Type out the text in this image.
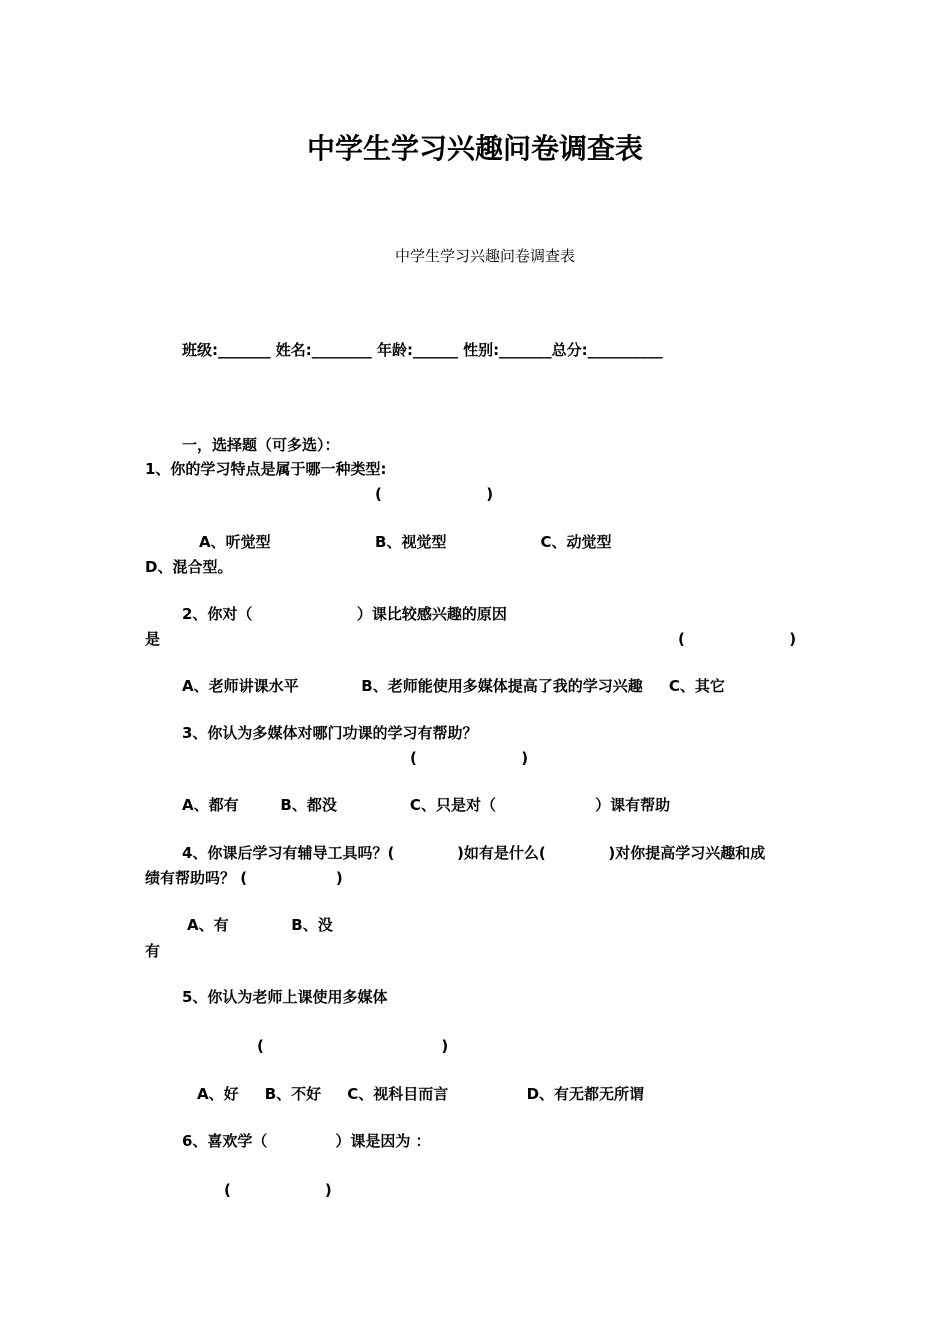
中学生学习兴趣问卷调查表
中学生学习兴趣问卷调查表
班级:_______ 姓名:________ 年龄:______ 性别:_______总分:__________
一，选择题（可多选）：
1、你的学习特点是属于哪一种类型:
(                    )
A、听觉型                    B、视觉型                  C、动觉型
D、混合型。
2、你对（                    ）课比较感兴趣的原因
是	(                    )
A、老师讲课水平            B、老师能使用多媒体提高了我的学习兴趣     C、其它
3、你认为多媒体对哪门功课的学习有帮助？
(                    )
A、都有        B、都没              C、只是对（                   ）课有帮助
4、你课后学习有辅导工具吗？(            )如有是什么(            )对你提高学习兴趣和成
绩有帮助吗？ (                 )
A、有            B、没
有
5、你认为老师上课使用多媒体
(                                  )
A、好     B、不好     C、视科目而言               D、有无都无所谓
6、喜欢学（             ）课是因为 ：
(                  )
